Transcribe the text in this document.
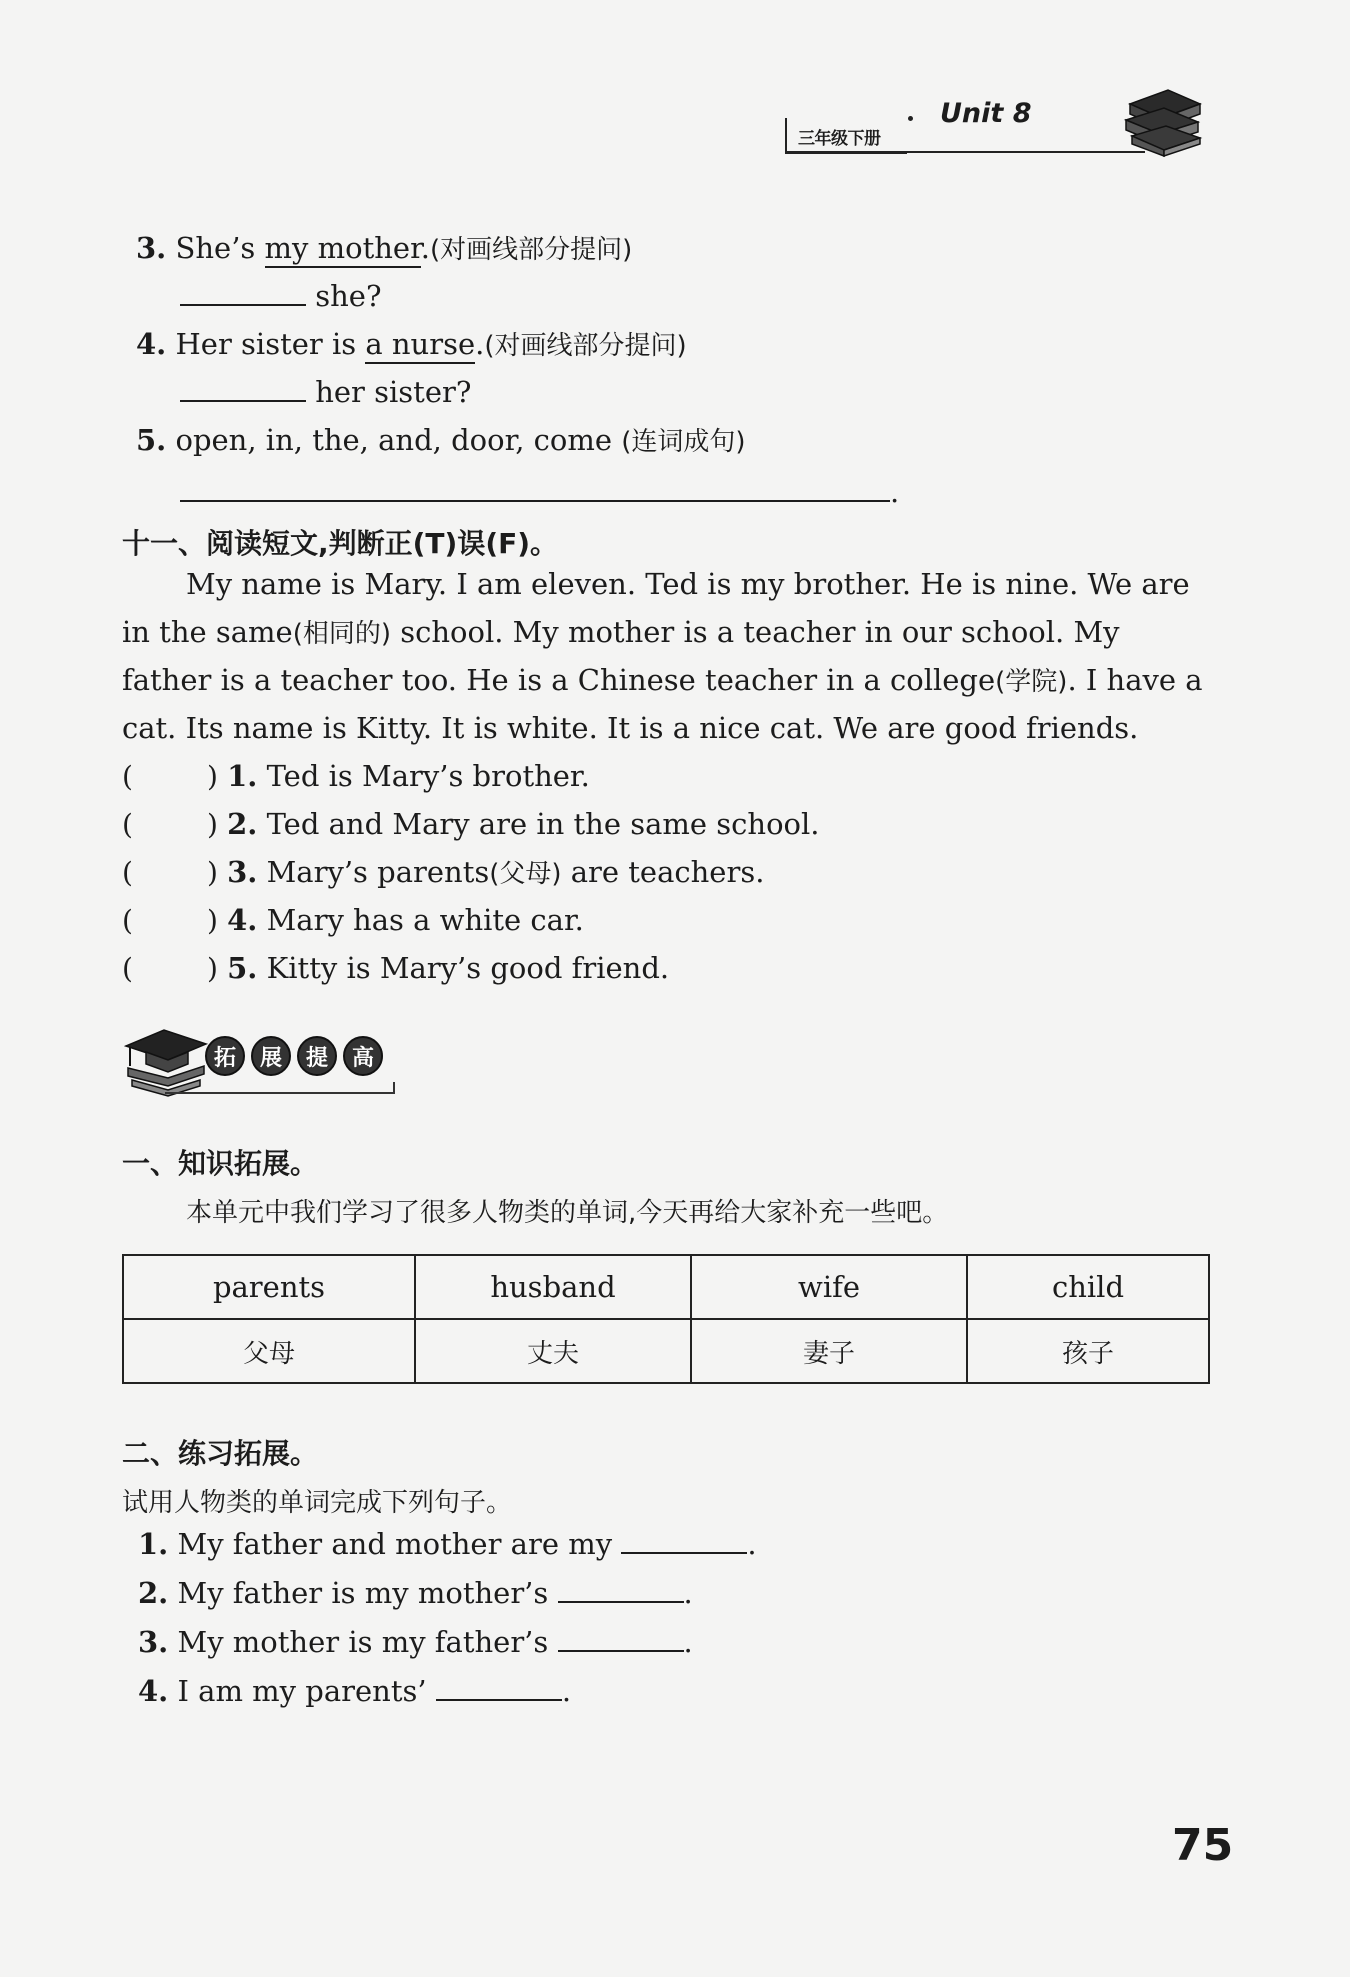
三年级下册
Unit 8
3. She’s my mother.(对画线部分提问)
she?
4. Her sister is a nurse.(对画线部分提问)
her sister?
5. open, in, the, and, door, come (连词成句)
.
十一、阅读短文,判断正(T)误(F)。
My name is Mary. I am eleven. Ted is my brother. He is nine. We are
in the same(相同的) school. My mother is a teacher in our school. My
father is a teacher too. He is a Chinese teacher in a college(学院). I have a
cat. Its name is Kitty. It is white. It is a nice cat. We are good friends.
(	) 1. Ted is Mary’s brother.
(	) 2. Ted and Mary are in the same school.
(	) 3. Mary’s parents(父母) are teachers.
(	) 4. Mary has a white car.
(	) 5. Kitty is Mary’s good friend.
拓	展	提	高
一、知识拓展。
本单元中我们学习了很多人物类的单词,今天再给大家补充一些吧。
parents	husband	wife	child
父母	丈夫	妻子	孩子
二、练习拓展。
试用人物类的单词完成下列句子。
1. My father and mother are my	.
2. My father is my mother’s	.
3. My mother is my father’s	.
4. I am my parents’	.
75
